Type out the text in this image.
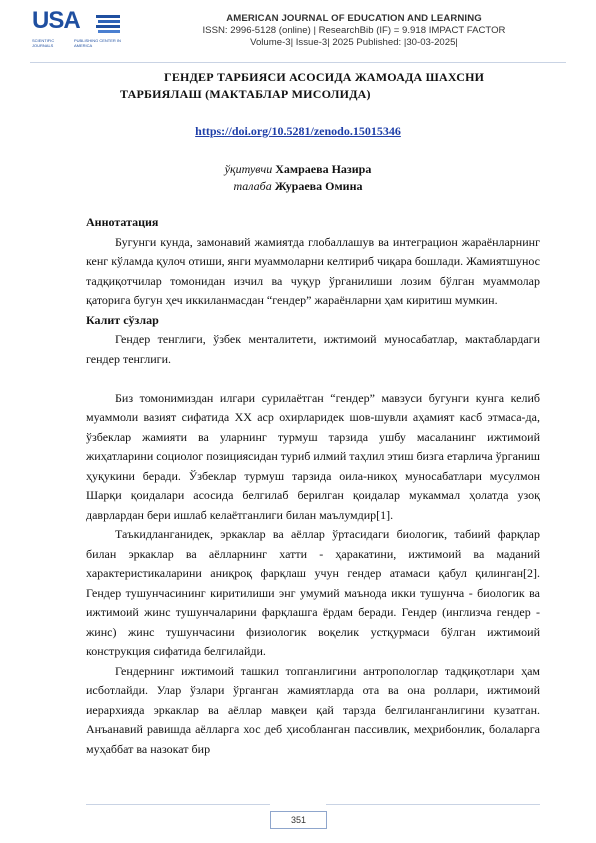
USA
SCIENTIFIC JOURNALSPUBLISHING CENTER IN AMERICA
AMERICAN JOURNAL OF EDUCATION AND LEARNING
ISSN: 2996-5128 (online) | ResearchBib (IF) = 9.918 IMPACT FACTOR
Volume-3| Issue-3| 2025 Published: |30-03-2025|
ГЕНДЕР ТАРБИЯСИ АСОСИДА ЖАМОАДА ШАХСНИ
ТАРБИЯЛАШ (МАКТАБЛАР МИСОЛИДА)
https://doi.org/10.5281/zenodo.15015346
ўқитувчи Хамраева Назира
талаба Жураева Омина
Аннотатация

Бугунги кунда, замонавий жамиятда глобаллашув ва интеграцион жараёнларнинг кенг кўламда қулоч отиши, янги муаммоларни келтириб чиқара бошлади. Жамиятшунос тадқиқотчилар томонидан изчил ва чуқур ўрганилиши лозим бўлган муаммолар қаторига бугун ҳеч иккиланмасдан “гендер” жараёнларни ҳам киритиш мумкин.

Калит сўзлар

Гендер тенглиги, ўзбек менталитети, ижтимоий муносабатлар, мактаблардаги гендер тенглиги.

Биз томонимиздан илгари сурилаётган “гендер” мавзуси бугунги кунга келиб муаммоли вазият сифатида XX аср охирларидек шов-шувли аҳамият касб этмаса-да, ўзбеклар жамияти ва уларнинг турмуш тарзида ушбу масаланинг ижтимоий жиҳатларини социолог позициясидан туриб илмий таҳлил этиш бизга етарлича ўрганиш ҳуқукини беради. Ўзбеклар турмуш тарзида оила-никоҳ муносабатлари мусулмон Шарқи қоидалари асосида белгилаб берилган қоидалар мукаммал ҳолатда узоқ даврлардан бери ишлаб келаётганлиги билан маълумдир[1].

Таъкидланганидек, эркаклар ва аёллар ўртасидаги биологик, табиий фарқлар билан эркаклар ва аёлларнинг хатти - ҳаракатини, ижтимоий ва маданий характеристикаларини аниқроқ фарқлаш учун гендер атамаси қабул қилинган[2]. Гендер тушунчасининг киритилиши энг умумий маънода икки тушунча - биологик ва ижтимоий жинс тушунчаларини фарқлашга ёрдам беради. Гендер (инглизча гендер - жинс) жинс тушунчасини физиологик воқелик устқурмаси бўлган ижтимоий конструкция сифатида белгилайди.

Гендернинг ижтимоий ташкил топганлигини антропологлар тадқиқотлари ҳам исботлайди. Улар ўзлари ўрганган жамиятларда ота ва она роллари, ижтимоий иерархияда эркаклар ва аёллар мавқеи қай тарзда белгиланганлигини кузатган. Анъанавий равишда аёлларга хос деб ҳисобланган пассивлик, меҳрибонлик, болаларга муҳаббат ва назокат бир

351
